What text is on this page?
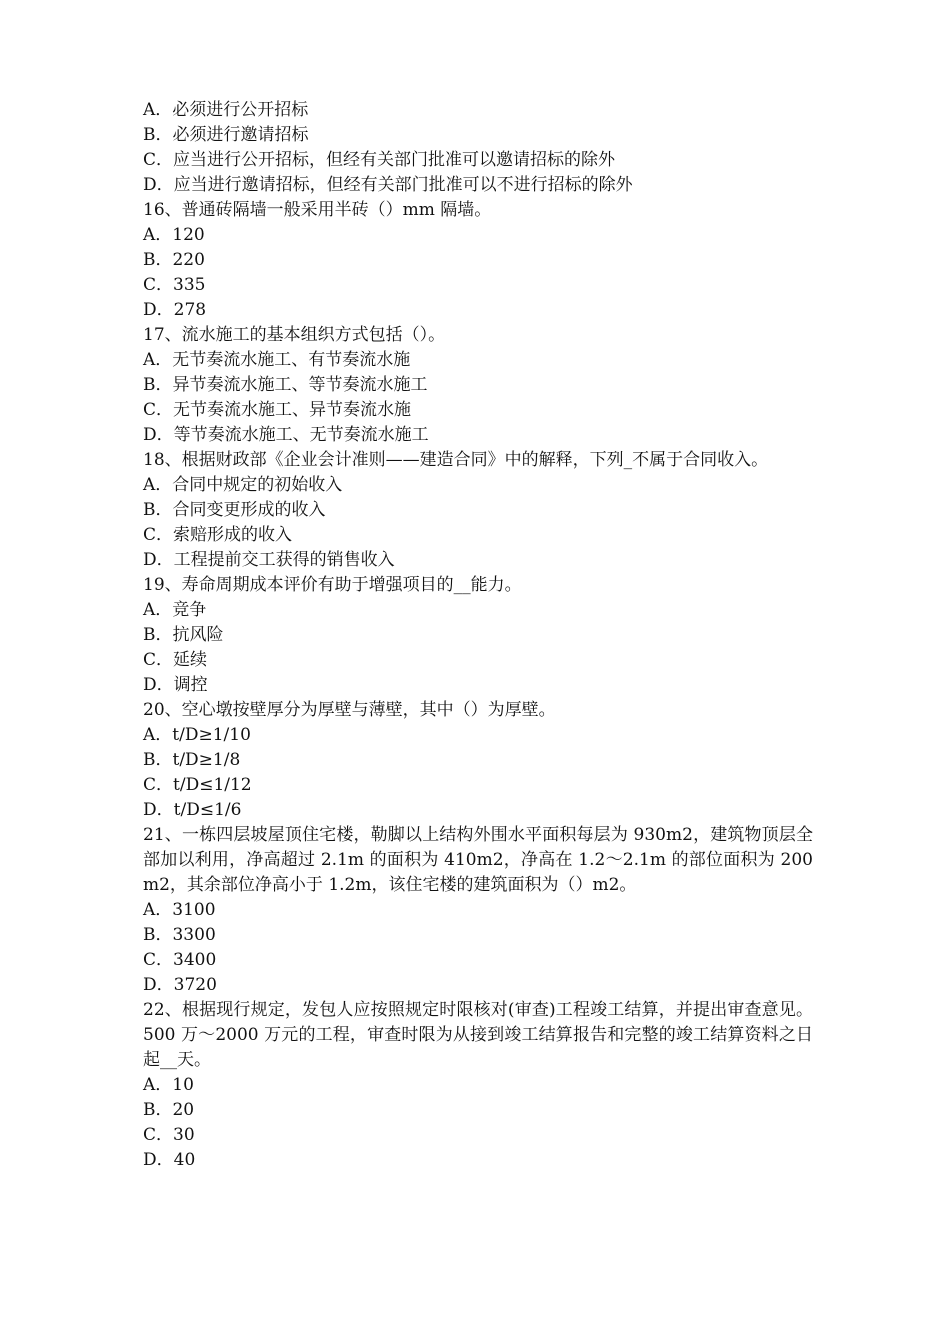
A．必须进行公开招标
B．必须进行邀请招标
C．应当进行公开招标，但经有关部门批准可以邀请招标的除外
D．应当进行邀请招标，但经有关部门批准可以不进行招标的除外
16、普通砖隔墙一般采用半砖（）mm 隔墙。
A．120
B．220
C．335
D．278
17、流水施工的基本组织方式包括（）。
A．无节奏流水施工、有节奏流水施
B．异节奏流水施工、等节奏流水施工
C．无节奏流水施工、异节奏流水施
D．等节奏流水施工、无节奏流水施工
18、根据财政部《企业会计准则——建造合同》中的解释，下列_不属于合同收入。
A．合同中规定的初始收入
B．合同变更形成的收入
C．索赔形成的收入
D．工程提前交工获得的销售收入
19、寿命周期成本评价有助于增强项目的__能力。
A．竞争
B．抗风险
C．延续
D．调控
20、空心墩按壁厚分为厚壁与薄壁，其中（）为厚壁。
A．t/D≥1/10
B．t/D≥1/8
C．t/D≤1/12
D．t/D≤1/6
21、一栋四层坡屋顶住宅楼，勒脚以上结构外围水平面积每层为 930m2，建筑物顶层全部加以利用，净高超过 2.1m 的面积为 410m2，净高在 1.2～2.1m 的部位面积为 200m2，其余部位净高小于 1.2m，该住宅楼的建筑面积为（）m2。
A．3100
B．3300
C．3400
D．3720
22、根据现行规定，发包人应按照规定时限核对(审查)工程竣工结算，并提出审查意见。500 万～2000 万元的工程，审查时限为从接到竣工结算报告和完整的竣工结算资料之日起__天。
A．10
B．20
C．30
D．40
